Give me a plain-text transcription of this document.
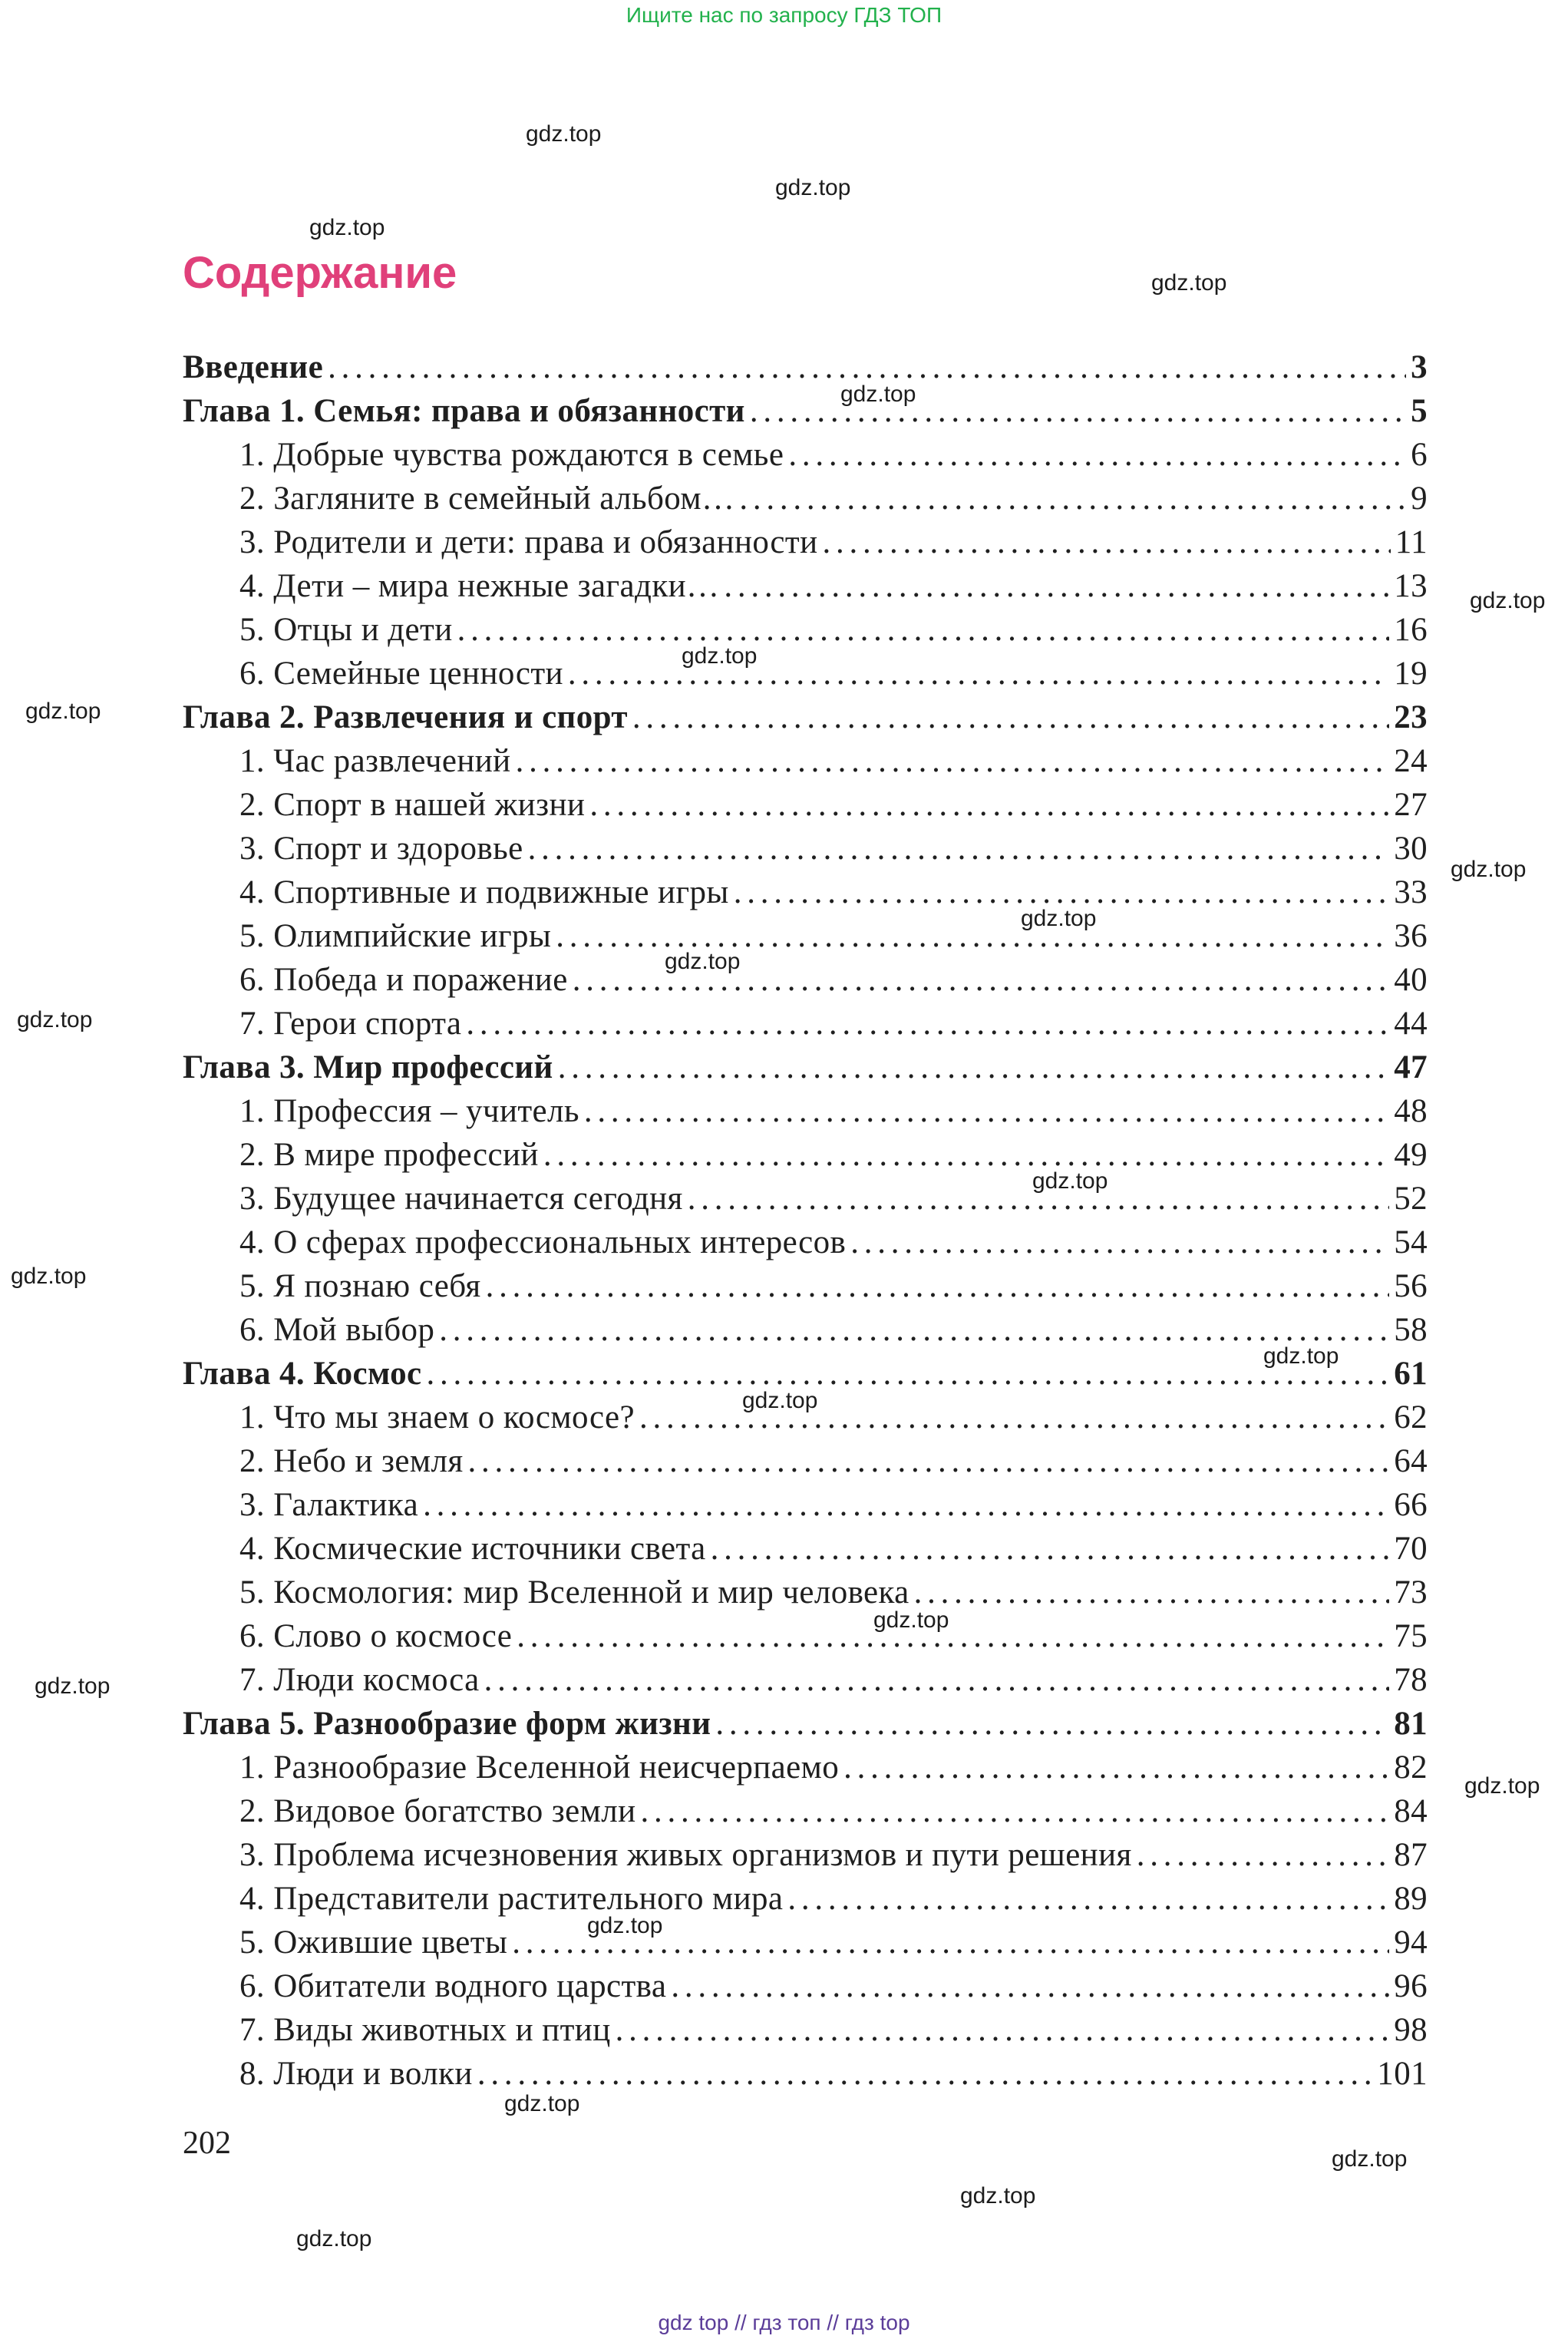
Ищите нас по запросу ГДЗ ТОП
gdz.top
gdz.top
gdz.top
gdz.top
gdz.top
gdz.top
gdz.top
gdz.top
gdz.top
gdz.top
gdz.top
gdz.top
gdz.top
gdz.top
gdz.top
gdz.top
gdz.top
gdz.top
gdz.top
gdz.top
gdz.top
gdz.top
gdz.top
gdz.top
Содержание
Введение . . .	3
Глава 1. Семья: права и обязанности . . .	5
1. Добрые чувства рождаются в семье . . .	6
2. Загляните в семейный альбом… . . .	9
3. Родители и дети: права и обязанности . . .	11
4. Дети – мира нежные загадки… . . .	13
5. Отцы и дети . . .	16
6. Семейные ценности . . .	19
Глава 2. Развлечения и спорт . . .	23
1. Час развлечений . . .	24
2. Спорт в нашей жизни . . .	27
3. Спорт и здоровье . . .	30
4. Спортивные и подвижные игры . . .	33
5. Олимпийские игры . . .	36
6. Победа и поражение . . .	40
7. Герои спорта . . .	44
Глава 3. Мир профессий . . .	47
1. Профессия – учитель . . .	48
2. В мире профессий . . .	49
3. Будущее начинается сегодня . . .	52
4. О сферах профессиональных интересов . . .	54
5. Я познаю себя . . .	56
6. Мой выбор . . .	58
Глава 4. Космос . . .	61
1. Что мы знаем о космосе? . . .	62
2. Небо и земля . . .	64
3. Галактика . . .	66
4. Космические источники света . . .	70
5. Космология: мир Вселенной и мир человека . . .	73
6. Слово о космосе . . .	75
7. Люди космоса . . .	78
Глава 5. Разнообразие форм жизни . . .	81
1. Разнообразие Вселенной неисчерпаемо . . .	82
2. Видовое богатство земли . . .	84
3. Проблема исчезновения живых организмов и пути решения . . .	87
4. Представители растительного мира . . .	89
5. Ожившие цветы . . .	94
6. Обитатели водного царства . . .	96
7. Виды животных и птиц . . .	98
8. Люди и волки . . .	101
202
gdz top // гдз топ // гдз top
